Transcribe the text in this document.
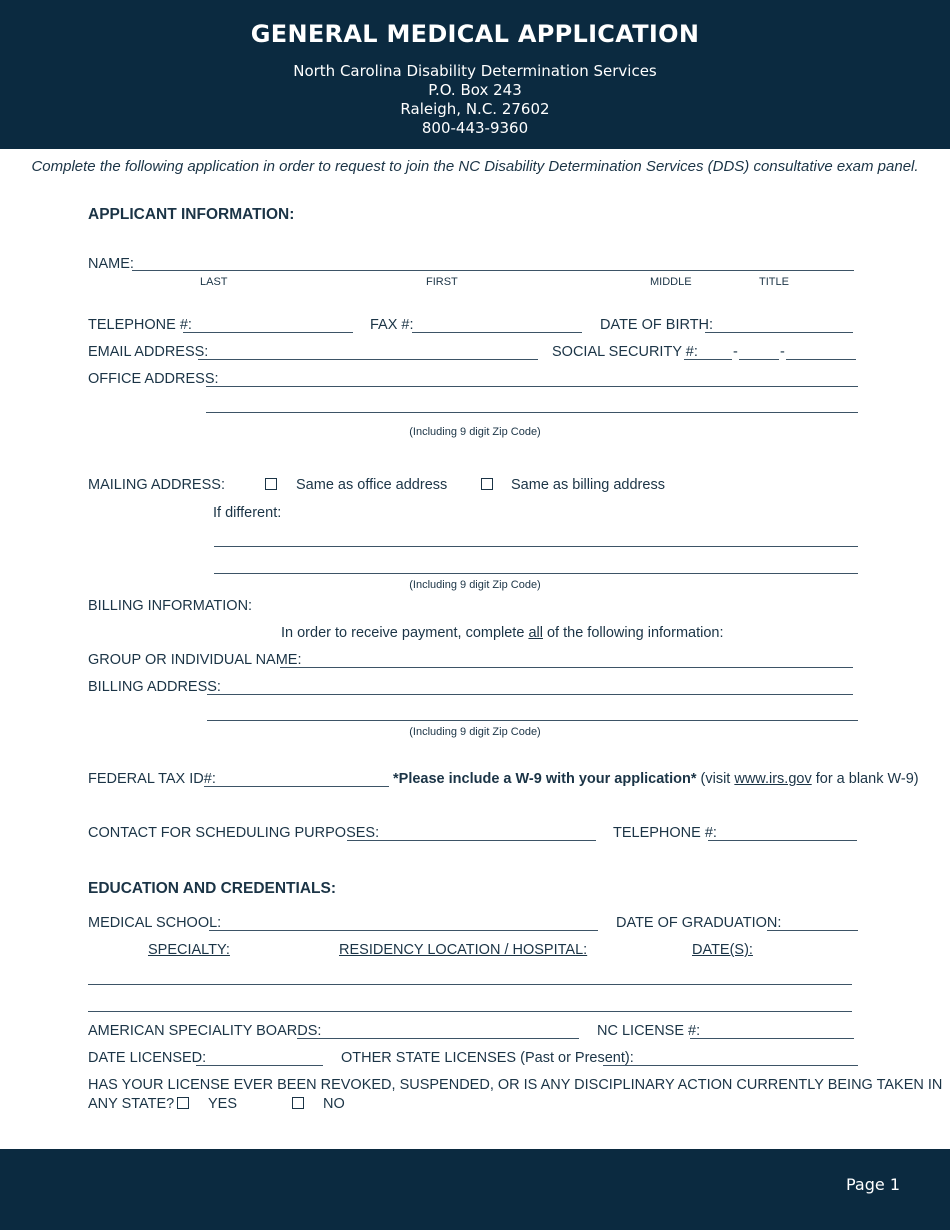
GENERAL MEDICAL APPLICATION
North Carolina Disability Determination Services
P.O. Box 243
Raleigh, N.C. 27602
800-443-9360
Complete the following application in order to request to join the NC Disability Determination Services (DDS) consultative exam panel.
APPLICANT INFORMATION:
NAME:
LAST	FIRST	MIDDLE	TITLE
TELEPHONE #:	FAX #:	DATE OF BIRTH:
EMAIL ADDRESS:	SOCIAL SECURITY #: -	-
OFFICE ADDRESS:
(Including 9 digit Zip Code)
MAILING ADDRESS:	Same as office address	Same as billing address
If different:
(Including 9 digit Zip Code)
BILLING INFORMATION:
In order to receive payment, complete all of the following information:
GROUP OR INDIVIDUAL NAME:
BILLING ADDRESS:
(Including 9 digit Zip Code)
FEDERAL TAX ID#:	*Please include a W-9 with your application* (visit www.irs.gov for a blank W-9)
CONTACT FOR SCHEDULING PURPOSES:	TELEPHONE #:
EDUCATION AND CREDENTIALS:
MEDICAL SCHOOL:	DATE OF GRADUATION:
SPECIALTY:	RESIDENCY LOCATION / HOSPITAL:	DATE(S):
AMERICAN SPECIALITY BOARDS:	NC LICENSE #:
DATE LICENSED:	OTHER STATE LICENSES (Past or Present):
HAS YOUR LICENSE EVER BEEN REVOKED, SUSPENDED, OR IS ANY DISCIPLINARY ACTION CURRENTLY BEING TAKEN IN
ANY STATE? YES	NO
Page 1
